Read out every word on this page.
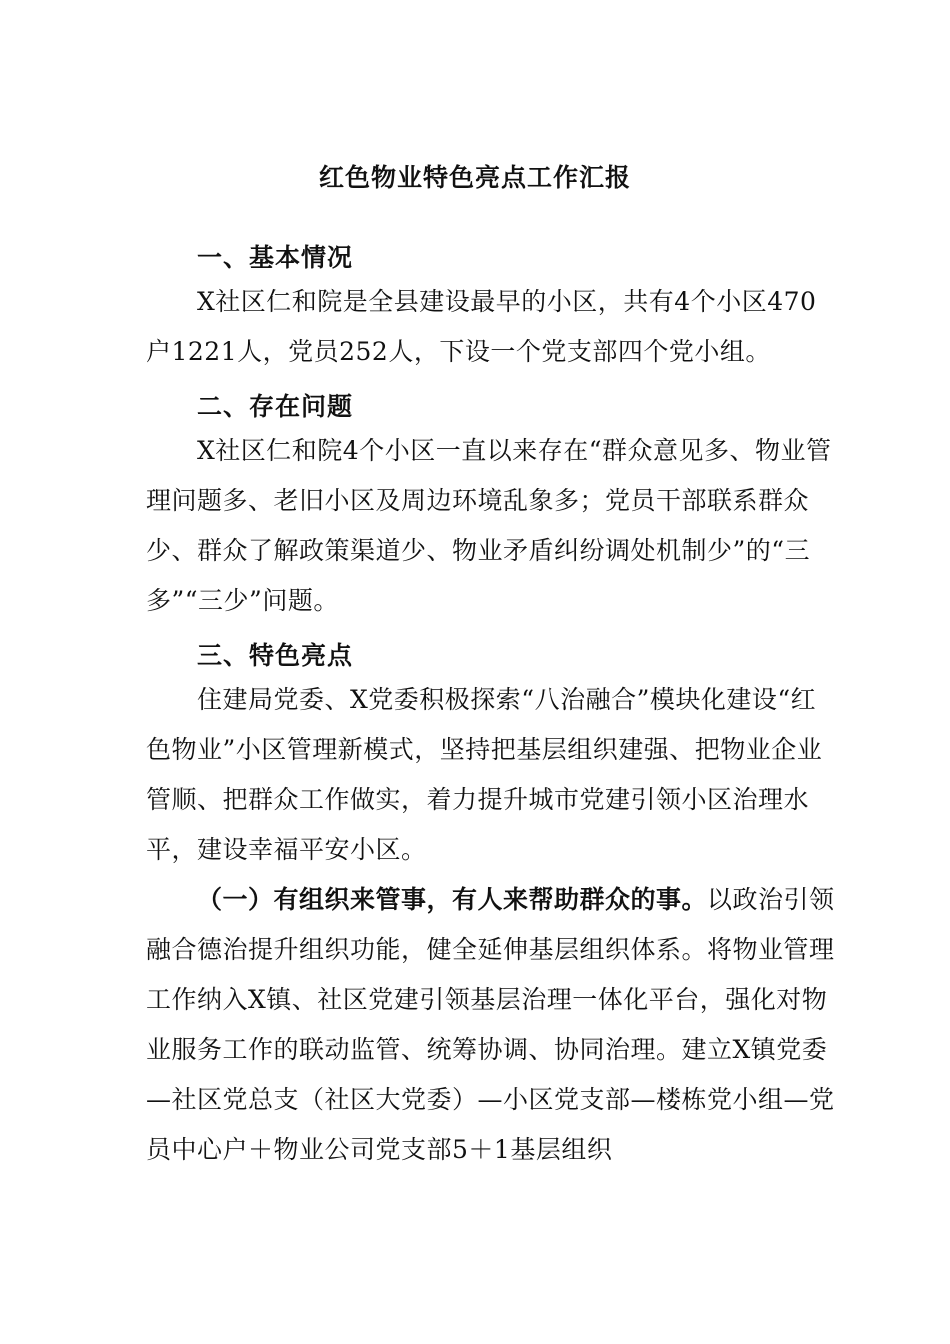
红色物业特色亮点工作汇报
一、基本情况

X社区仁和院是全县建设最早的小区，共有4个小区470户1221人，党员252人，下设一个党支部四个党小组。

二、存在问题

X社区仁和院4个小区一直以来存在“群众意见多、物业管理问题多、老旧小区及周边环境乱象多；党员干部联系群众少、群众了解政策渠道少、物业矛盾纠纷调处机制少”的“三多”“三少”问题。

三、特色亮点

住建局党委、X党委积极探索“八治融合”模块化建设“红色物业”小区管理新模式，坚持把基层组织建强、把物业企业管顺、把群众工作做实，着力提升城市党建引领小区治理水平，建设幸福平安小区。

（一）有组织来管事，有人来帮助群众的事。以政治引领融合德治提升组织功能，健全延伸基层组织体系。将物业管理工作纳入X镇、社区党建引领基层治理一体化平台，强化对物业服务工作的联动监管、统筹协调、协同治理。建立X镇党委—社区党总支（社区大党委）—小区党支部—楼栋党小组—党员中心户＋物业公司党支部5＋1基层组织
